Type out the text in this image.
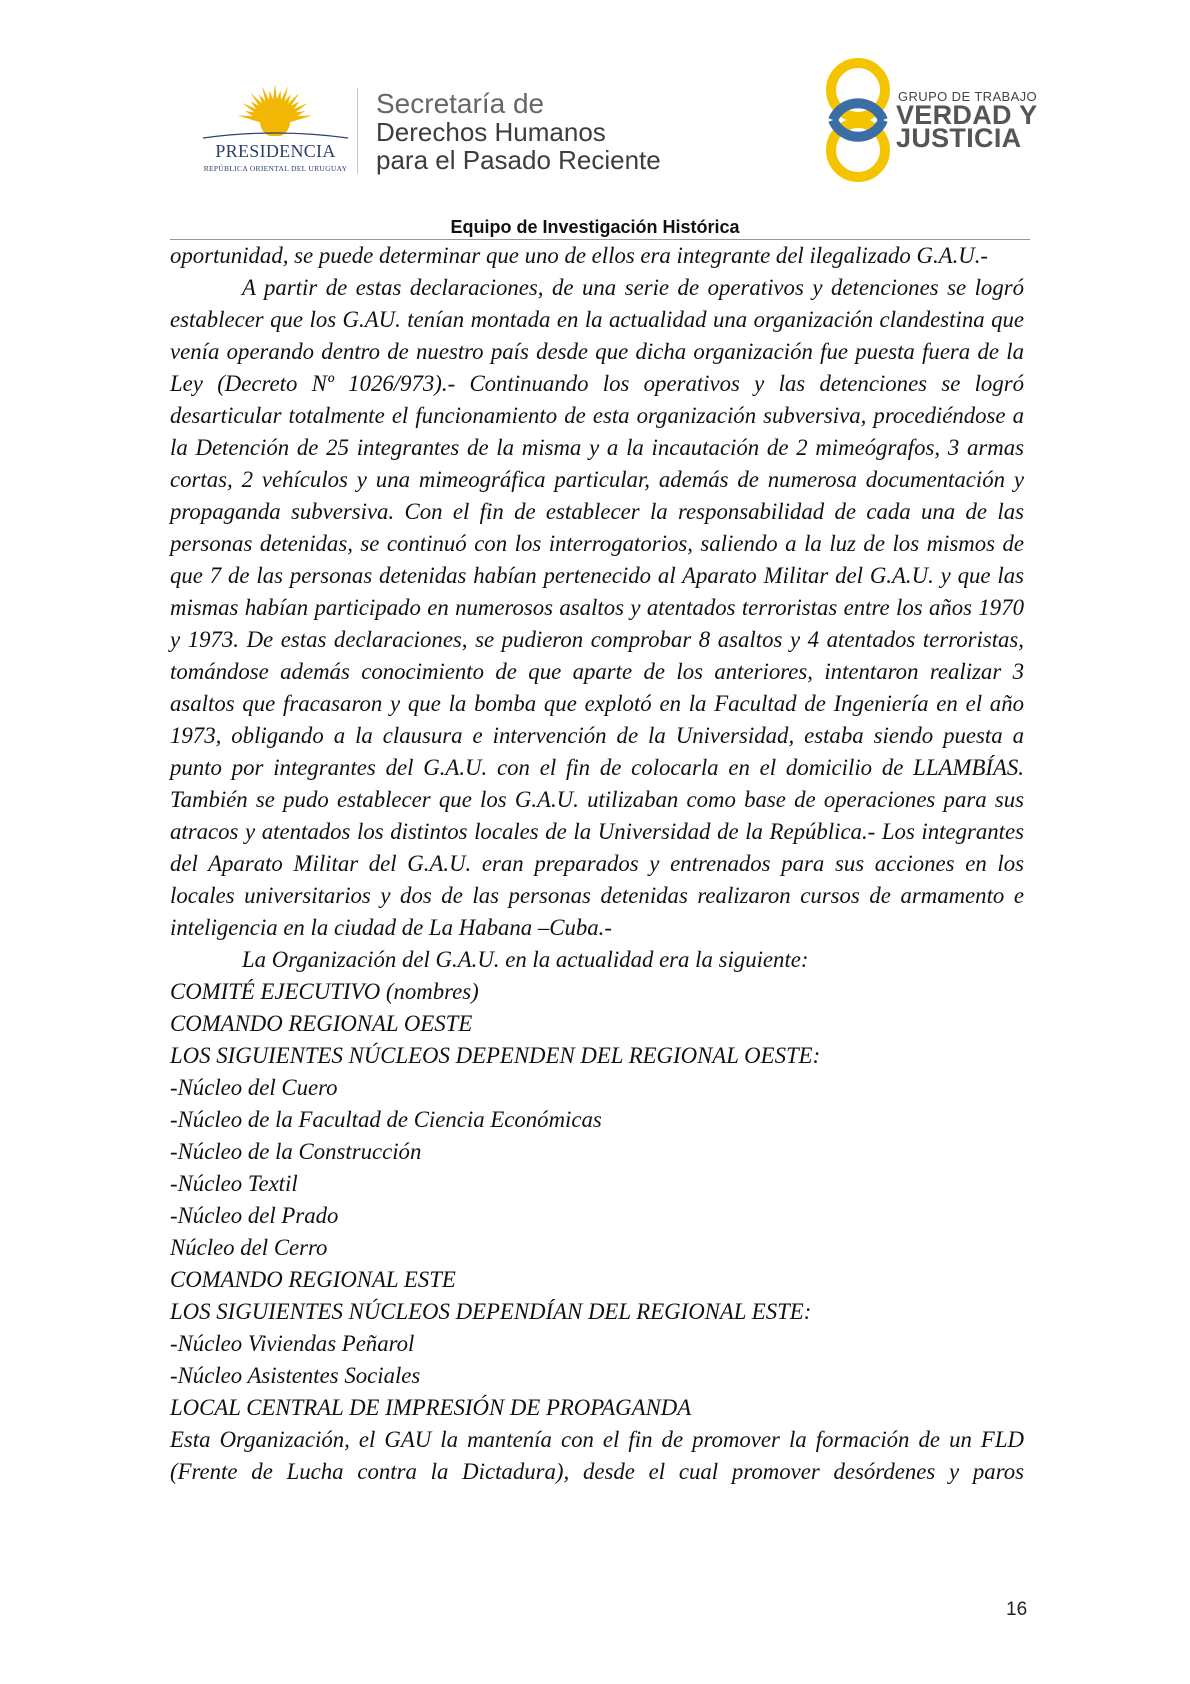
PRESIDENCIA
REPÚBLICA ORIENTAL DEL URUGUAY
Secretaría de
Derechos Humanos
para el Pasado Reciente
GRUPO DE TRABAJO
VERDAD Y
JUSTICIA
Equipo de Investigación Histórica

oportunidad, se puede determinar que uno de ellos era integrante del ilegalizado G.A.U.-

A partir de estas declaraciones, de una serie de operativos y detenciones se logró establecer que los G.AU. tenían montada en la actualidad una organización clandestina que venía operando dentro de nuestro país desde que dicha organización fue puesta fuera de la Ley (Decreto Nº 1026/973).- Continuando los operativos y las detenciones se logró desarticular totalmente el funcionamiento de esta organización subversiva, procediéndose a la Detención de 25 integrantes de la misma y a la incautación de 2 mimeógrafos, 3 armas cortas, 2 vehículos y una mimeográfica particular, además de numerosa documentación y propaganda subversiva. Con el fin de establecer la responsabilidad de cada una de las personas detenidas, se continuó con los interrogatorios, saliendo a la luz de los mismos de que 7 de las personas detenidas habían pertenecido al Aparato Militar del G.A.U. y que las mismas habían participado en numerosos asaltos y atentados terroristas entre los años 1970 y 1973. De estas declaraciones, se pudieron comprobar 8 asaltos y 4 atentados terroristas, tomándose además conocimiento de que aparte de los anteriores, intentaron realizar 3 asaltos que fracasaron y que la bomba que explotó en la Facultad de Ingeniería en el año 1973, obligando a la clausura e intervención de la Universidad, estaba siendo puesta a punto por integrantes del G.A.U. con el fin de colocarla en el domicilio de LLAMBÍAS. También se pudo establecer que los G.A.U. utilizaban como base de operaciones para sus atracos y atentados los distintos locales de la Universidad de la República.- Los integrantes del Aparato Militar del G.A.U. eran preparados y entrenados para sus acciones en los locales universitarios y dos de las personas detenidas realizaron cursos de armamento e inteligencia en la ciudad de La Habana –Cuba.-

La Organización del G.A.U. en la actualidad era la siguiente:
COMITÉ EJECUTIVO (nombres)
COMANDO REGIONAL OESTE
LOS SIGUIENTES NÚCLEOS DEPENDEN DEL REGIONAL OESTE:
-Núcleo del Cuero
-Núcleo de la Facultad de Ciencia Económicas
-Núcleo de la Construcción
-Núcleo Textil
-Núcleo del Prado
Núcleo del Cerro
COMANDO REGIONAL ESTE
LOS SIGUIENTES NÚCLEOS DEPENDÍAN DEL REGIONAL ESTE:
-Núcleo Viviendas Peñarol
-Núcleo Asistentes Sociales
LOCAL CENTRAL DE IMPRESIÓN DE PROPAGANDA

Esta Organización, el GAU la mantenía con el fin de promover la formación de un FLD (Frente de Lucha contra la Dictadura), desde el cual promover desórdenes y paros

16
